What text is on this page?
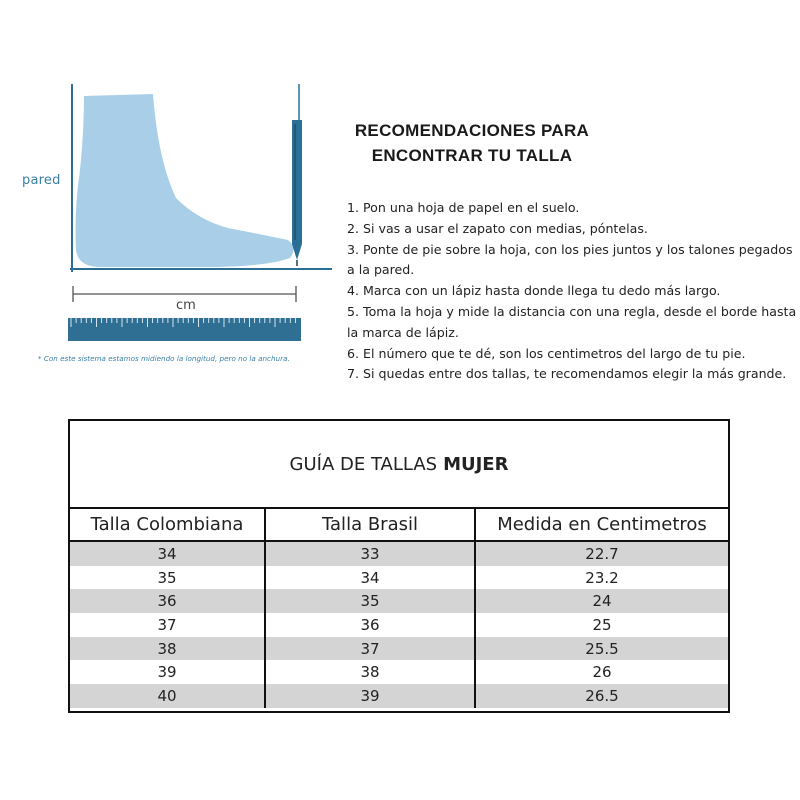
pared
cm
* Con este sistema estamos midiendo la longitud, pero no la anchura.
RECOMENDACIONES PARA
ENCONTRAR TU TALLA
1. Pon una hoja de papel en el suelo.
2. Si vas a usar el zapato con medias, póntelas.
3. Ponte de pie sobre la hoja, con los pies juntos y los talones pegados
a la pared.
4. Marca con un lápiz hasta donde llega tu dedo más largo.
5. Toma la hoja y mide la distancia con una regla, desde el borde hasta
la marca de lápiz.
6. El número que te dé, son los centimetros del largo de tu pie.
7. Si quedas entre dos tallas, te recomendamos elegir la más grande.
GUÍA DE TALLAS MUJER
Talla Colombiana	Talla Brasil	Medida en Centimetros
34	33	22.7
35	34	23.2
36	35	24
37	36	25
38	37	25.5
39	38	26
40	39	26.5
